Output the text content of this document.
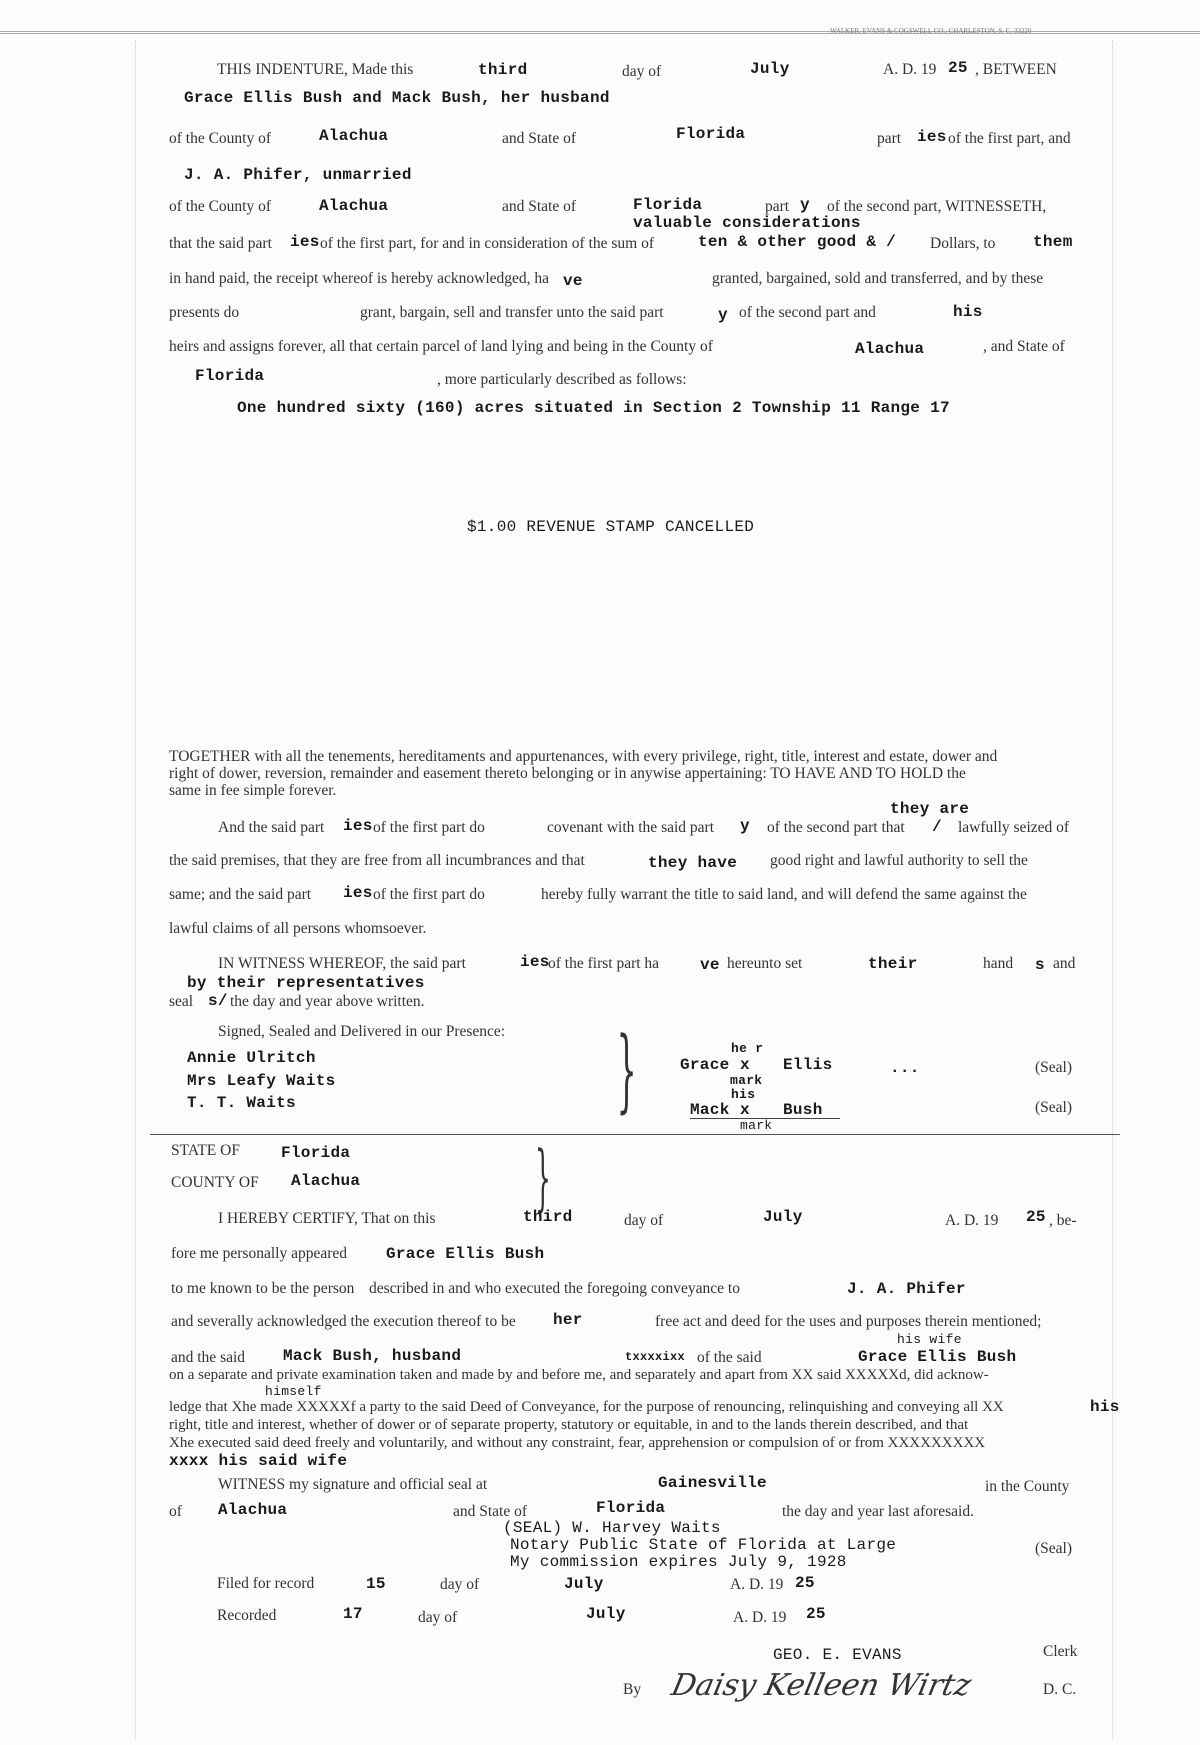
WALKER, EVANS & COGSWELL CO., CHARLESTON, S. C. 33220
THIS INDENTURE, Made this	third	day of	July	A. D. 19 25 , BETWEEN
Grace Ellis Bush and Mack Bush, her husband
of the County of	Alachua	and State of	Florida	part ies of the first part, and
J. A. Phifer, unmarried
of the County of	Alachua	and State of	Florida	part y of the second part, WITNESSETH,
valuable considerations
that the said part ies of the first part, for and in consideration of the sum of	ten & other good & / Dollars, to them
in hand paid, the receipt whereof is hereby acknowledged, ha ve	granted, bargained, sold and transferred, and by these
presents do	grant, bargain, sell and transfer unto the said part	y of the second part and	his
heirs and assigns forever, all that certain parcel of land lying and being in the County of	Alachua	, and State of
Florida	, more particularly described as follows:
One hundred sixty (160) acres situated in Section 2 Township 11 Range 17
$1.00 REVENUE STAMP CANCELLED
TOGETHER with all the tenements, hereditaments and appurtenances, with every privilege, right, title, interest and estate, dower and
right of dower, reversion, remainder and easement thereto belonging or in anywise appertaining: TO HAVE AND TO HOLD the
same in fee simple forever.
they are
And the said part ies of the first part do	covenant with the said part y of the second part that / lawfully seized of
the said premises, that they are free from all incumbrances and that	they have good right and lawful authority to sell the
same; and the said part ies of the first part do	hereby fully warrant the title to said land, and will defend the same against the
lawful claims of all persons whomsoever.
IN WITNESS WHEREOF, the said part	ies
of the first part ha	ve hereunto set	their	hand s and
by their representatives
seal s/ the day and year above written.
Signed, Sealed and Delivered in our Presence:
Annie Ulritch
Mrs Leafy Waits
T. T. Waits	}	he r
Grace x
mark
Ellis	...	(Seal)
his
Mack x Bush
mark
(Seal)
STATE OF	Florida
COUNTY OF Alachua }
I HEREBY CERTIFY, That on this	third	day of	July	A. D. 19 25 , be-
fore me personally appeared Grace Ellis Bush
to me known to be the person described in and who executed the foregoing conveyance to	J. A. Phifer
and severally acknowledged the execution thereof to be her	free act and deed for the uses and purposes therein mentioned;
his wife
and the said Mack Bush, husband	txxxxixx of the said	Grace Ellis Bush
on a separate and private examination taken and made by and before me, and separately and apart from XX said XXXXXd, did acknow-
himself
ledge that Xhe made XXXXXf a party to the said Deed of Conveyance, for the purpose of renouncing, relinquishing and conveying all XX	his
right, title and interest, whether of dower or of separate property, statutory or equitable, in and to the lands therein described, and that
Xhe executed said deed freely and voluntarily, and without any constraint, fear, apprehension or compulsion of or from XXXXXXXXX
xxxx his said wife
WITNESS my signature and official seal at	Gainesville	in the County
of Alachua	and State of	Florida	the day and year last aforesaid.
(SEAL) W. Harvey Waits
Notary Public State of Florida at Large
My commission expires July 9, 1928
(Seal)
Filed for record	15	day of	July	A. D. 19 25
Recorded	17	day of	July	A. D. 19 25
GEO. E. EVANS	Clerk
By Daisy Kelleen Wirtz	D. C.
